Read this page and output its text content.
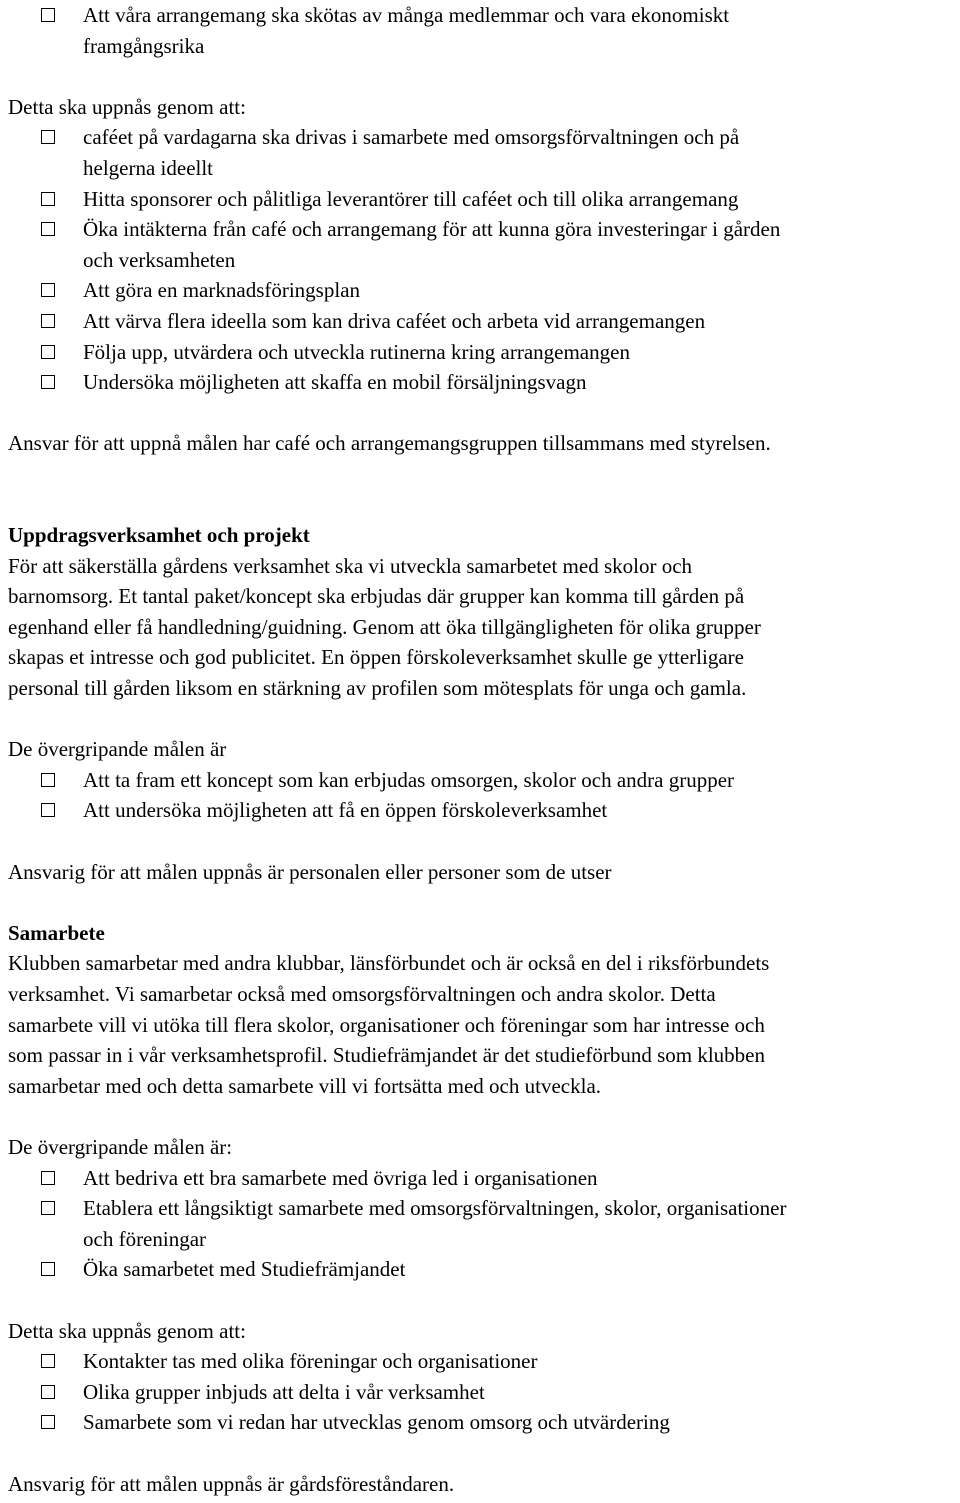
Att våra arrangemang ska skötas av många medlemmar och vara ekonomiskt
framgångsrika
Detta ska uppnås genom att:
caféet på vardagarna ska drivas i samarbete med omsorgsförvaltningen och på
helgerna ideellt
Hitta sponsorer och pålitliga leverantörer till caféet och till olika arrangemang
Öka intäkterna från café och arrangemang för att kunna göra investeringar i gården
och verksamheten
Att göra en marknadsföringsplan
Att värva flera ideella som kan driva caféet och arbeta vid arrangemangen
Följa upp, utvärdera och utveckla rutinerna kring arrangemangen
Undersöka möjligheten att skaffa en mobil försäljningsvagn
Ansvar för att uppnå målen har café och arrangemangsgruppen tillsammans med styrelsen.
Uppdragsverksamhet och projekt
För att säkerställa gårdens verksamhet ska vi utveckla samarbetet med skolor och
barnomsorg. Et tantal paket/koncept ska erbjudas där grupper kan komma till gården på
egenhand eller få handledning/guidning. Genom att öka tillgängligheten för olika grupper
skapas et intresse och god publicitet. En öppen förskoleverksamhet skulle ge ytterligare
personal till gården liksom en stärkning av profilen som mötesplats för unga och gamla.
De övergripande målen är
Att ta fram ett koncept som kan erbjudas omsorgen, skolor och andra grupper
Att undersöka möjligheten att få en öppen förskoleverksamhet
Ansvarig för att målen uppnås är personalen eller personer som de utser
Samarbete
Klubben samarbetar med andra klubbar, länsförbundet och är också en del i riksförbundets
verksamhet. Vi samarbetar också med omsorgsförvaltningen och andra skolor. Detta
samarbete vill vi utöka till flera skolor, organisationer och föreningar som har intresse och
som passar in i vår verksamhetsprofil. Studiefrämjandet är det studieförbund som klubben
samarbetar med och detta samarbete vill vi fortsätta med och utveckla.
De övergripande målen är:
Att bedriva ett bra samarbete med övriga led i organisationen
Etablera ett långsiktigt samarbete med omsorgsförvaltningen, skolor, organisationer
och föreningar
Öka samarbetet med Studiefrämjandet
Detta ska uppnås genom att:
Kontakter tas med olika föreningar och organisationer
Olika grupper inbjuds att delta i vår verksamhet
Samarbete som vi redan har utvecklas genom omsorg och utvärdering
Ansvarig för att målen uppnås är gårdsföreståndaren.
